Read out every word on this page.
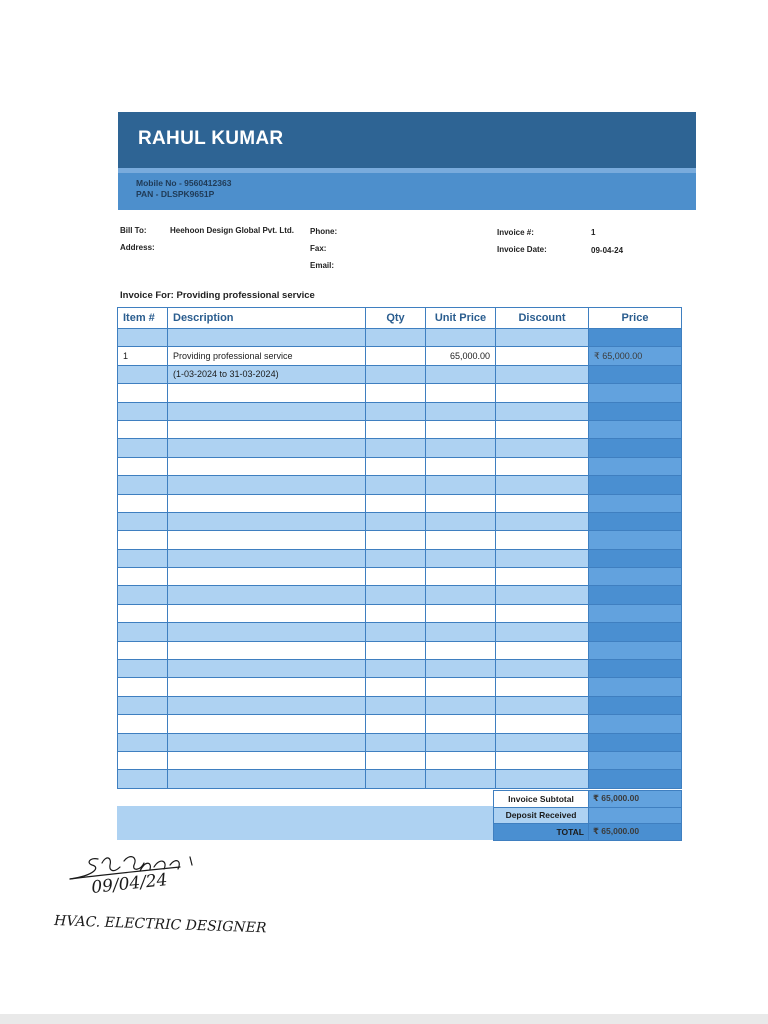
RAHUL KUMAR
Mobile No - 9560412363
PAN - DLSPK9651P
Bill To:	Heehoon Design Global Pvt. Ltd.
Address:
Phone:
Fax:
Email:
Invoice #:	1
Invoice Date:	09-04-24
Invoice For: Providing professional service
Item #	Description	Qty	Unit Price	Discount	Price

1	Providing professional service		65,000.00		₹ 65,000.00
	(1-03-2024 to 31-03-2024)				

Invoice Subtotal	₹ 65,000.00
Deposit Received	
TOTAL	₹ 65,000.00
09/04/24
HVAC. ELECTRIC DESIGNER
